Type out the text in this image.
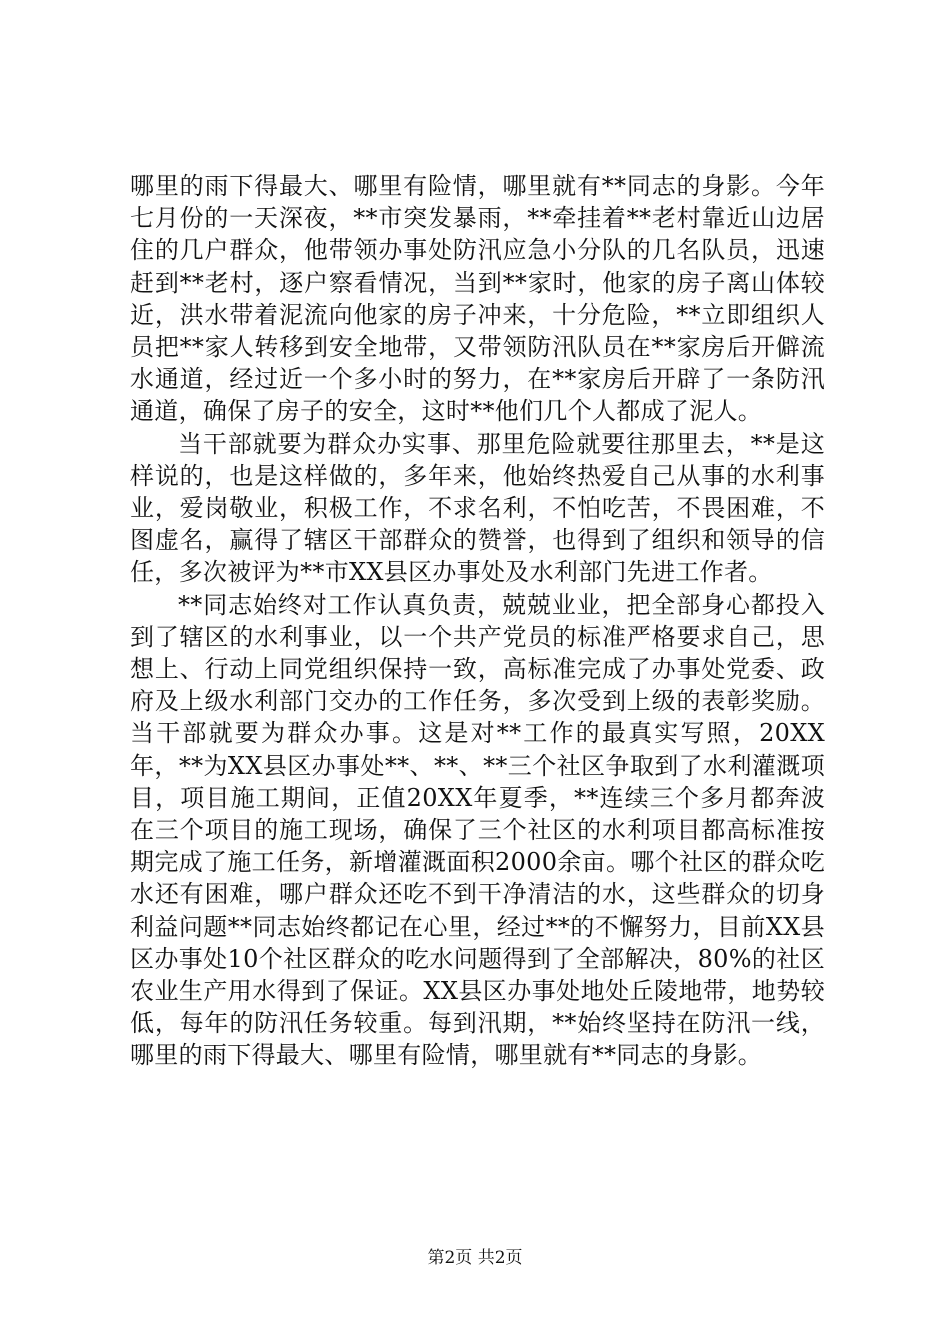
哪里的雨下得最大、哪里有险情，哪里就有**同志的身影。今年七月份的一天深夜，**市突发暴雨，**牵挂着**老村靠近山边居住的几户群众，他带领办事处防汛应急小分队的几名队员，迅速赶到**老村，逐户察看情况，当到**家时，他家的房子离山体较近，洪水带着泥流向他家的房子冲来，十分危险，**立即组织人员把**家人转移到安全地带，又带领防汛队员在**家房后开僻流水通道，经过近一个多小时的努力，在**家房后开辟了一条防汛通道，确保了房子的安全，这时**他们几个人都成了泥人。

当干部就要为群众办实事、那里危险就要往那里去，**是这样说的，也是这样做的，多年来，他始终热爱自己从事的水利事业，爱岗敬业，积极工作，不求名利，不怕吃苦，不畏困难，不图虚名，赢得了辖区干部群众的赞誉，也得到了组织和领导的信任，多次被评为**市XX县区办事处及水利部门先进工作者。

**同志始终对工作认真负责，兢兢业业，把全部身心都投入到了辖区的水利事业，以一个共产党员的标准严格要求自己，思想上、行动上同党组织保持一致，高标准完成了办事处党委、政府及上级水利部门交办的工作任务，多次受到上级的表彰奖励。当干部就要为群众办事。这是对**工作的最真实写照，20XX年，**为XX县区办事处**、**、**三个社区争取到了水利灌溉项目，项目施工期间，正值20XX年夏季，**连续三个多月都奔波在三个项目的施工现场，确保了三个社区的水利项目都高标准按期完成了施工任务，新增灌溉面积2000余亩。哪个社区的群众吃水还有困难，哪户群众还吃不到干净清洁的水，这些群众的切身利益问题**同志始终都记在心里，经过**的不懈努力，目前XX县区办事处10个社区群众的吃水问题得到了全部解决，80%的社区农业生产用水得到了保证。XX县区办事处地处丘陵地带，地势较低，每年的防汛任务较重。每到汛期，**始终坚持在防汛一线，哪里的雨下得最大、哪里有险情，哪里就有**同志的身影。

第2页 共2页
